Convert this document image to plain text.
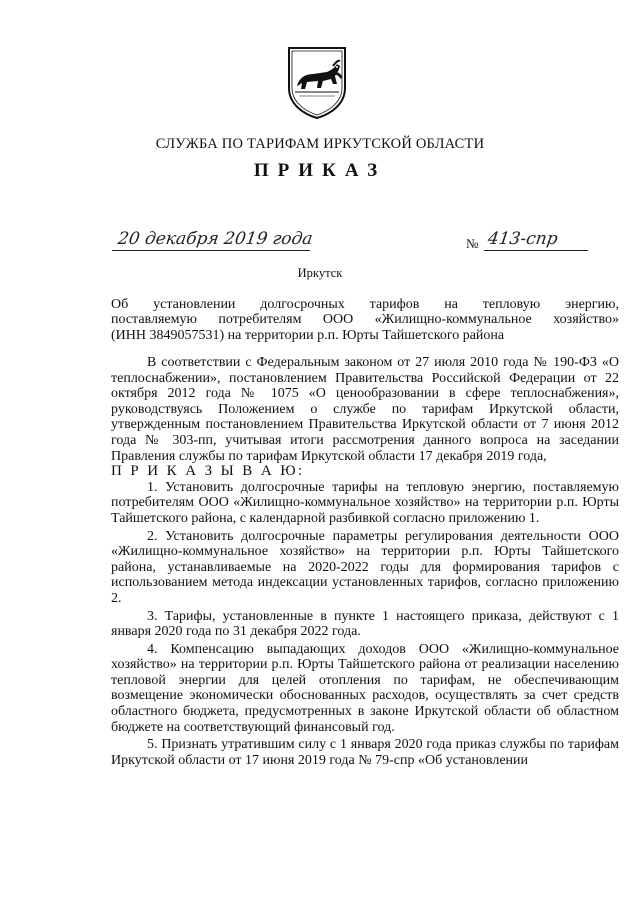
СЛУЖБА ПО ТАРИФАМ ИРКУТСКОЙ ОБЛАСТИ
ПРИКАЗ
20 декабря 2019 года	№ 413-спр
Иркутск
Об установлении долгосрочных тарифов на тепловую энергию,
поставляемую потребителям ООО «Жилищно-коммунальное хозяйство»
(ИНН 3849057531) на территории р.п. Юрты Тайшетского района

В соответствии с Федеральным законом от 27 июля 2010 года № 190-ФЗ «О теплоснабжении», постановлением Правительства Российской Федерации от 22 октября 2012 года № 1075 «О ценообразовании в сфере теплоснабжения», руководствуясь Положением о службе по тарифам Иркутской области, утвержденным постановлением Правительства Иркутской области от 7 июня 2012 года № 303-пп, учитывая итоги рассмотрения данного вопроса на заседании Правления службы по тарифам Иркутской области 17 декабря 2019 года,

П Р И К А З Ы В А Ю:

1. Установить долгосрочные тарифы на тепловую энергию, поставляемую потребителям ООО «Жилищно-коммунальное хозяйство» на территории р.п. Юрты Тайшетского района, с календарной разбивкой согласно приложению 1.

2. Установить долгосрочные параметры регулирования деятельности ООО «Жилищно-коммунальное хозяйство» на территории р.п. Юрты Тайшетского района, устанавливаемые на 2020-2022 годы для формирования тарифов с использованием метода индексации установленных тарифов, согласно приложению 2.

3. Тарифы, установленные в пункте 1 настоящего приказа, действуют с 1 января 2020 года по 31 декабря 2022 года.

4. Компенсацию выпадающих доходов ООО «Жилищно-коммунальное хозяйство» на территории р.п. Юрты Тайшетского района от реализации населению тепловой энергии для целей отопления по тарифам, не обеспечивающим возмещение экономически обоснованных расходов, осуществлять за счет средств областного бюджета, предусмотренных в законе Иркутской области об областном бюджете на соответствующий финансовый год.

5. Признать утратившим силу с 1 января 2020 года приказ службы по тарифам Иркутской области от 17 июня 2019 года № 79-спр «Об установлении
